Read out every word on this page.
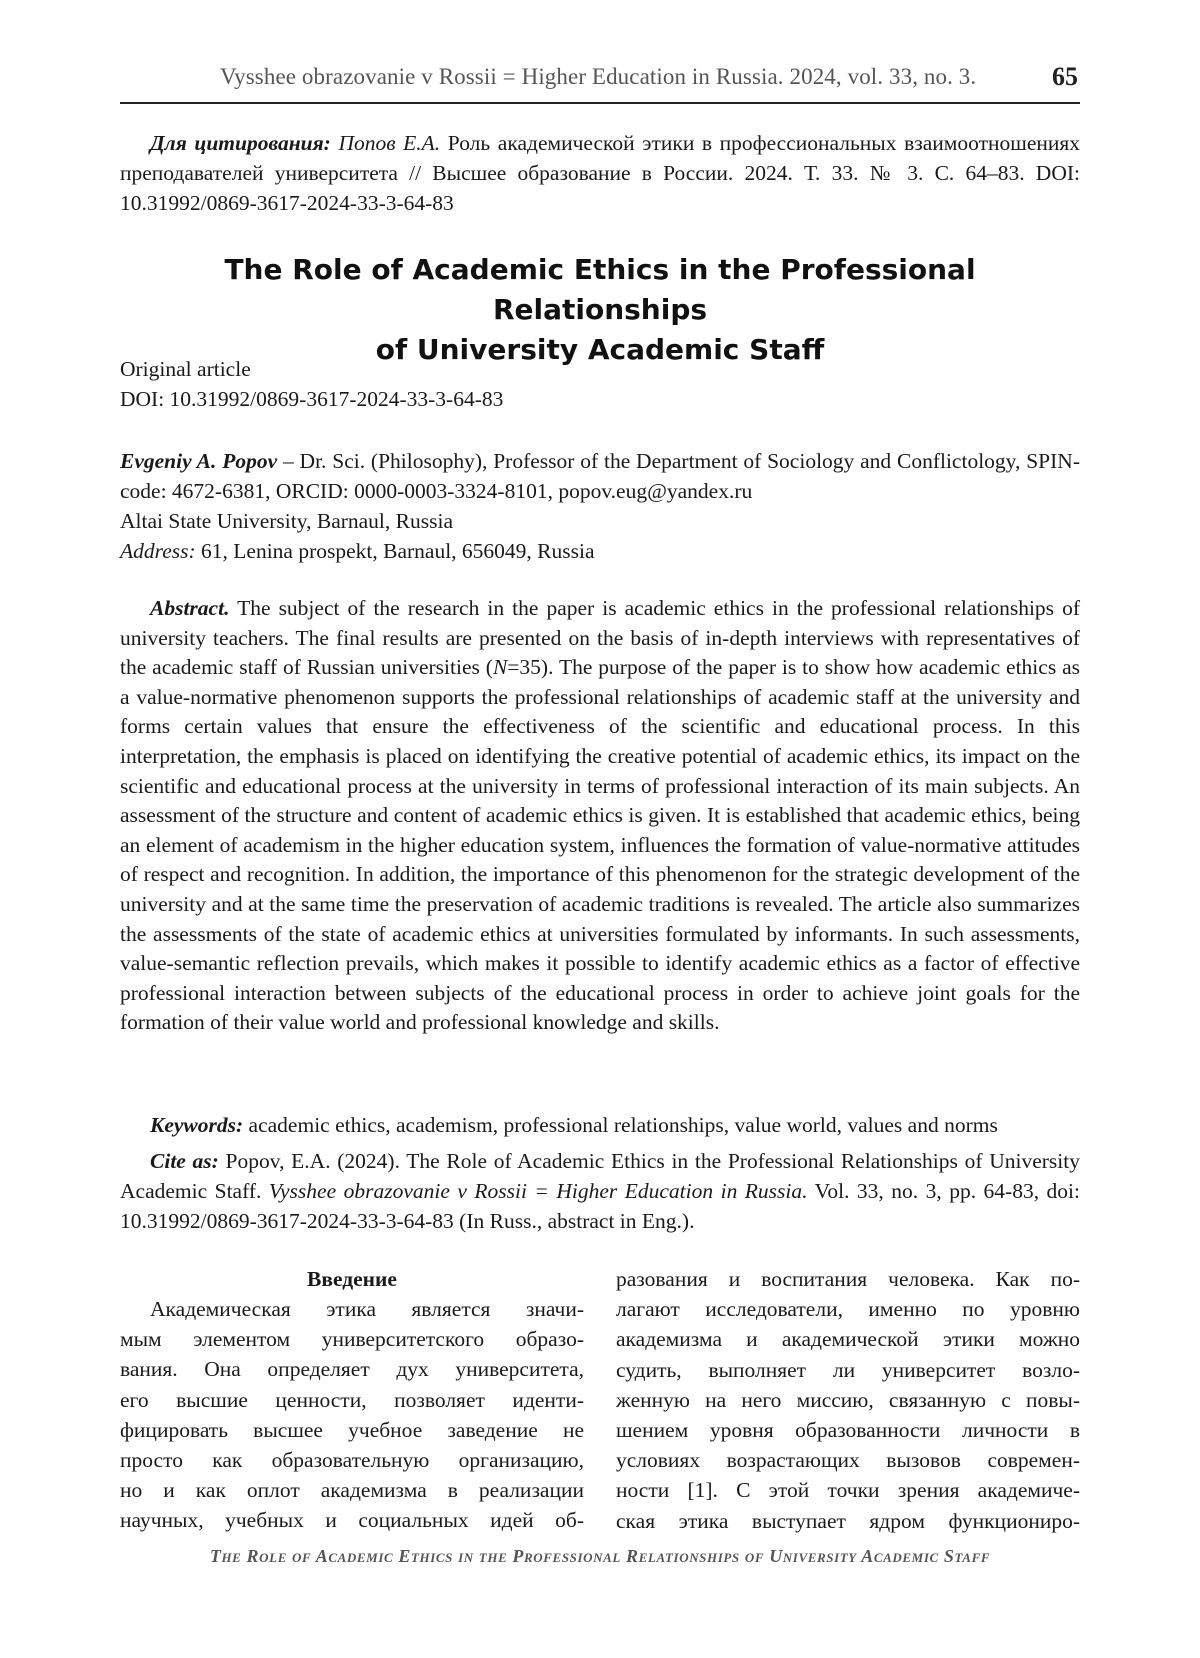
Vysshee obrazovanie v Rossii = Higher Education in Russia. 2024, vol. 33, no. 3.	65
Для цитирования: Попов Е.А. Роль академической этики в профессиональных взаимоотношениях преподавателей университета // Высшее образование в России. 2024. Т. 33. № 3. С. 64–83. DOI: 10.31992/0869-3617-2024-33-3-64-83
The Role of Academic Ethics in the Professional Relationships
of University Academic Staff
Original article
DOI: 10.31992/0869-3617-2024-33-3-64-83
Evgeniy A. Popov – Dr. Sci. (Philosophy), Professor of the Department of Sociology and Conflictology, SPIN-code: 4672-6381, ORCID: 0000-0003-3324-8101, popov.eug@yandex.ru
Altai State University, Barnaul, Russia
Address: 61, Lenina prospekt, Barnaul, 656049, Russia
Abstract. The subject of the research in the paper is academic ethics in the professional relationships of university teachers. The final results are presented on the basis of in-depth interviews with representatives of the academic staff of Russian universities (N=35). The purpose of the paper is to show how academic ethics as a value-normative phenomenon supports the professional relationships of academic staff at the university and forms certain values that ensure the effectiveness of the scientific and educational process. In this interpretation, the emphasis is placed on identifying the creative potential of academic ethics, its impact on the scientific and educational process at the university in terms of professional interaction of its main subjects. An assessment of the structure and content of academic ethics is given. It is established that academic ethics, being an element of academism in the higher education system, influences the formation of value-normative attitudes of respect and recognition. In addition, the importance of this phenomenon for the strategic development of the university and at the same time the preservation of academic traditions is revealed. The article also summarizes the assessments of the state of academic ethics at universities formulated by informants. In such assessments, value-semantic reflection prevails, which makes it possible to identify academic ethics as a factor of effective professional interaction between subjects of the educational process in order to achieve joint goals for the formation of their value world and professional knowledge and skills.
Keywords: academic ethics, academism, professional relationships, value world, values and norms
Cite as: Popov, E.A. (2024). The Role of Academic Ethics in the Professional Relationships of University Academic Staff. Vysshee obrazovanie v Rossii = Higher Education in Russia. Vol. 33, no. 3, pp. 64-83, doi: 10.31992/0869-3617-2024-33-3-64-83 (In Russ., abstract in Eng.).
Введение

Академическая этика является значи-

мым элементом университетского образо-

вания. Она определяет дух университета,

его высшие ценности, позволяет иденти-

фицировать высшее учебное заведение не

просто как образовательную организацию,

но и как оплот академизма в реализации

научных, учебных и социальных идей об-

разования и воспитания человека. Как по-

лагают исследователи, именно по уровню

академизма и академической этики можно

судить, выполняет ли университет возло-

женную на него миссию, связанную с повы-

шением уровня образованности личности в

условиях возрастающих вызовов современ-

ности [1]. С этой точки зрения академиче-

ская этика выступает ядром функциониро-

The Role of Academic Ethics in the Professional Relationships of University Academic Staff
